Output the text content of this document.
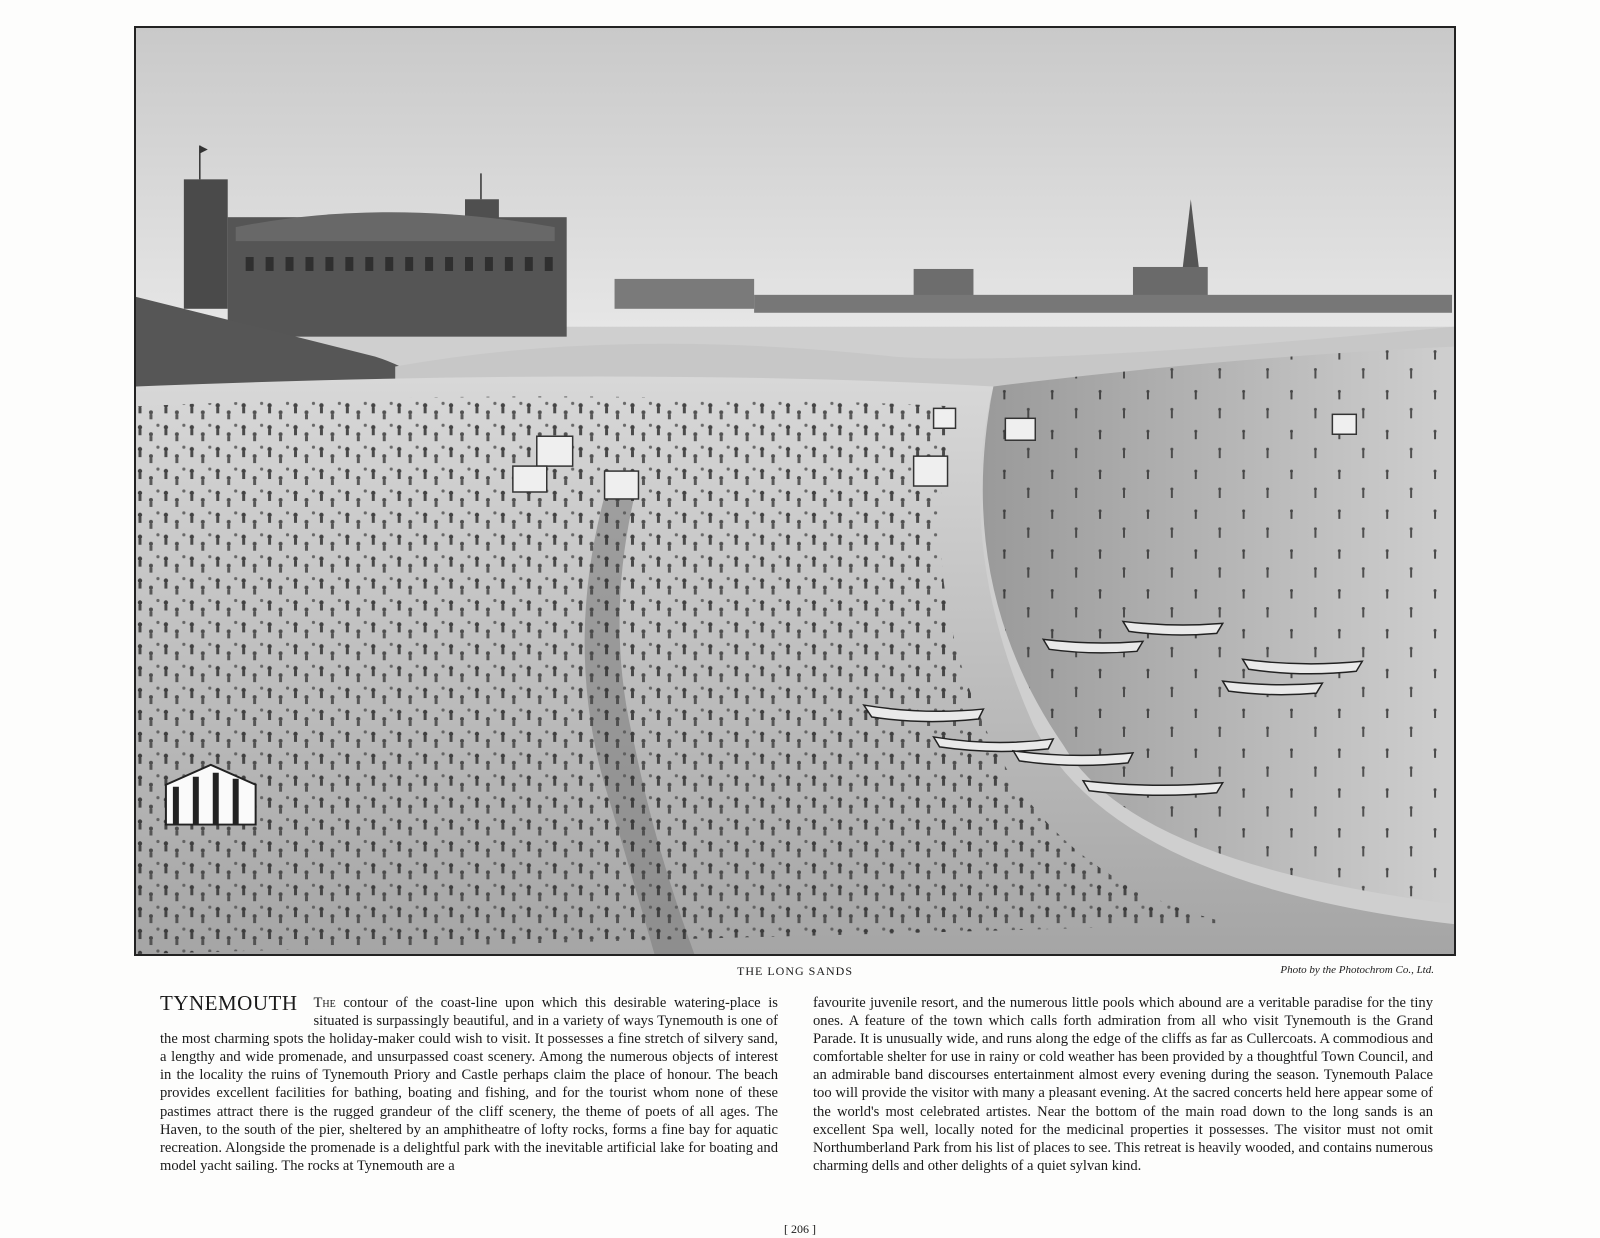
THE LONG SANDS	Photo by the Photochrom Co., Ltd.
TYNEMOUTH	The contour of the coast-line upon which this desirable watering-place is situated is surpassingly beautiful, and in a variety of ways Tynemouth is one of the most charming spots the holiday-maker could wish to visit. It possesses a fine stretch of silvery sand, a lengthy and wide promenade, and unsurpassed coast scenery. Among the numerous objects of interest in the locality the ruins of Tynemouth Priory and Castle perhaps claim the place of honour. The beach provides excellent facilities for bathing, boating and fishing, and for the tourist whom none of these pastimes attract there is the rugged grandeur of the cliff scenery, the theme of poets of all ages. The Haven, to the south of the pier, sheltered by an amphitheatre of lofty rocks, forms a fine bay for aquatic recreation. Alongside the promenade is a delightful park with the inevitable artificial lake for boating and model yacht sailing. The rocks at Tynemouth are a

favourite juvenile resort, and the numerous little pools which abound are a veritable paradise for the tiny ones. A feature of the town which calls forth admiration from all who visit Tynemouth is the Grand Parade. It is unusually wide, and runs along the edge of the cliffs as far as Cullercoats. A commodious and comfortable shelter for use in rainy or cold weather has been provided by a thoughtful Town Council, and an admirable band discourses entertainment almost every evening during the season. Tynemouth Palace too will provide the visitor with many a pleasant evening. At the sacred concerts held here appear some of the world's most celebrated artistes. Near the bottom of the main road down to the long sands is an excellent Spa well, locally noted for the medicinal properties it possesses. The visitor must not omit Northumberland Park from his list of places to see. This retreat is heavily wooded, and contains numerous charming dells and other delights of a quiet sylvan kind.

[ 206 ]
